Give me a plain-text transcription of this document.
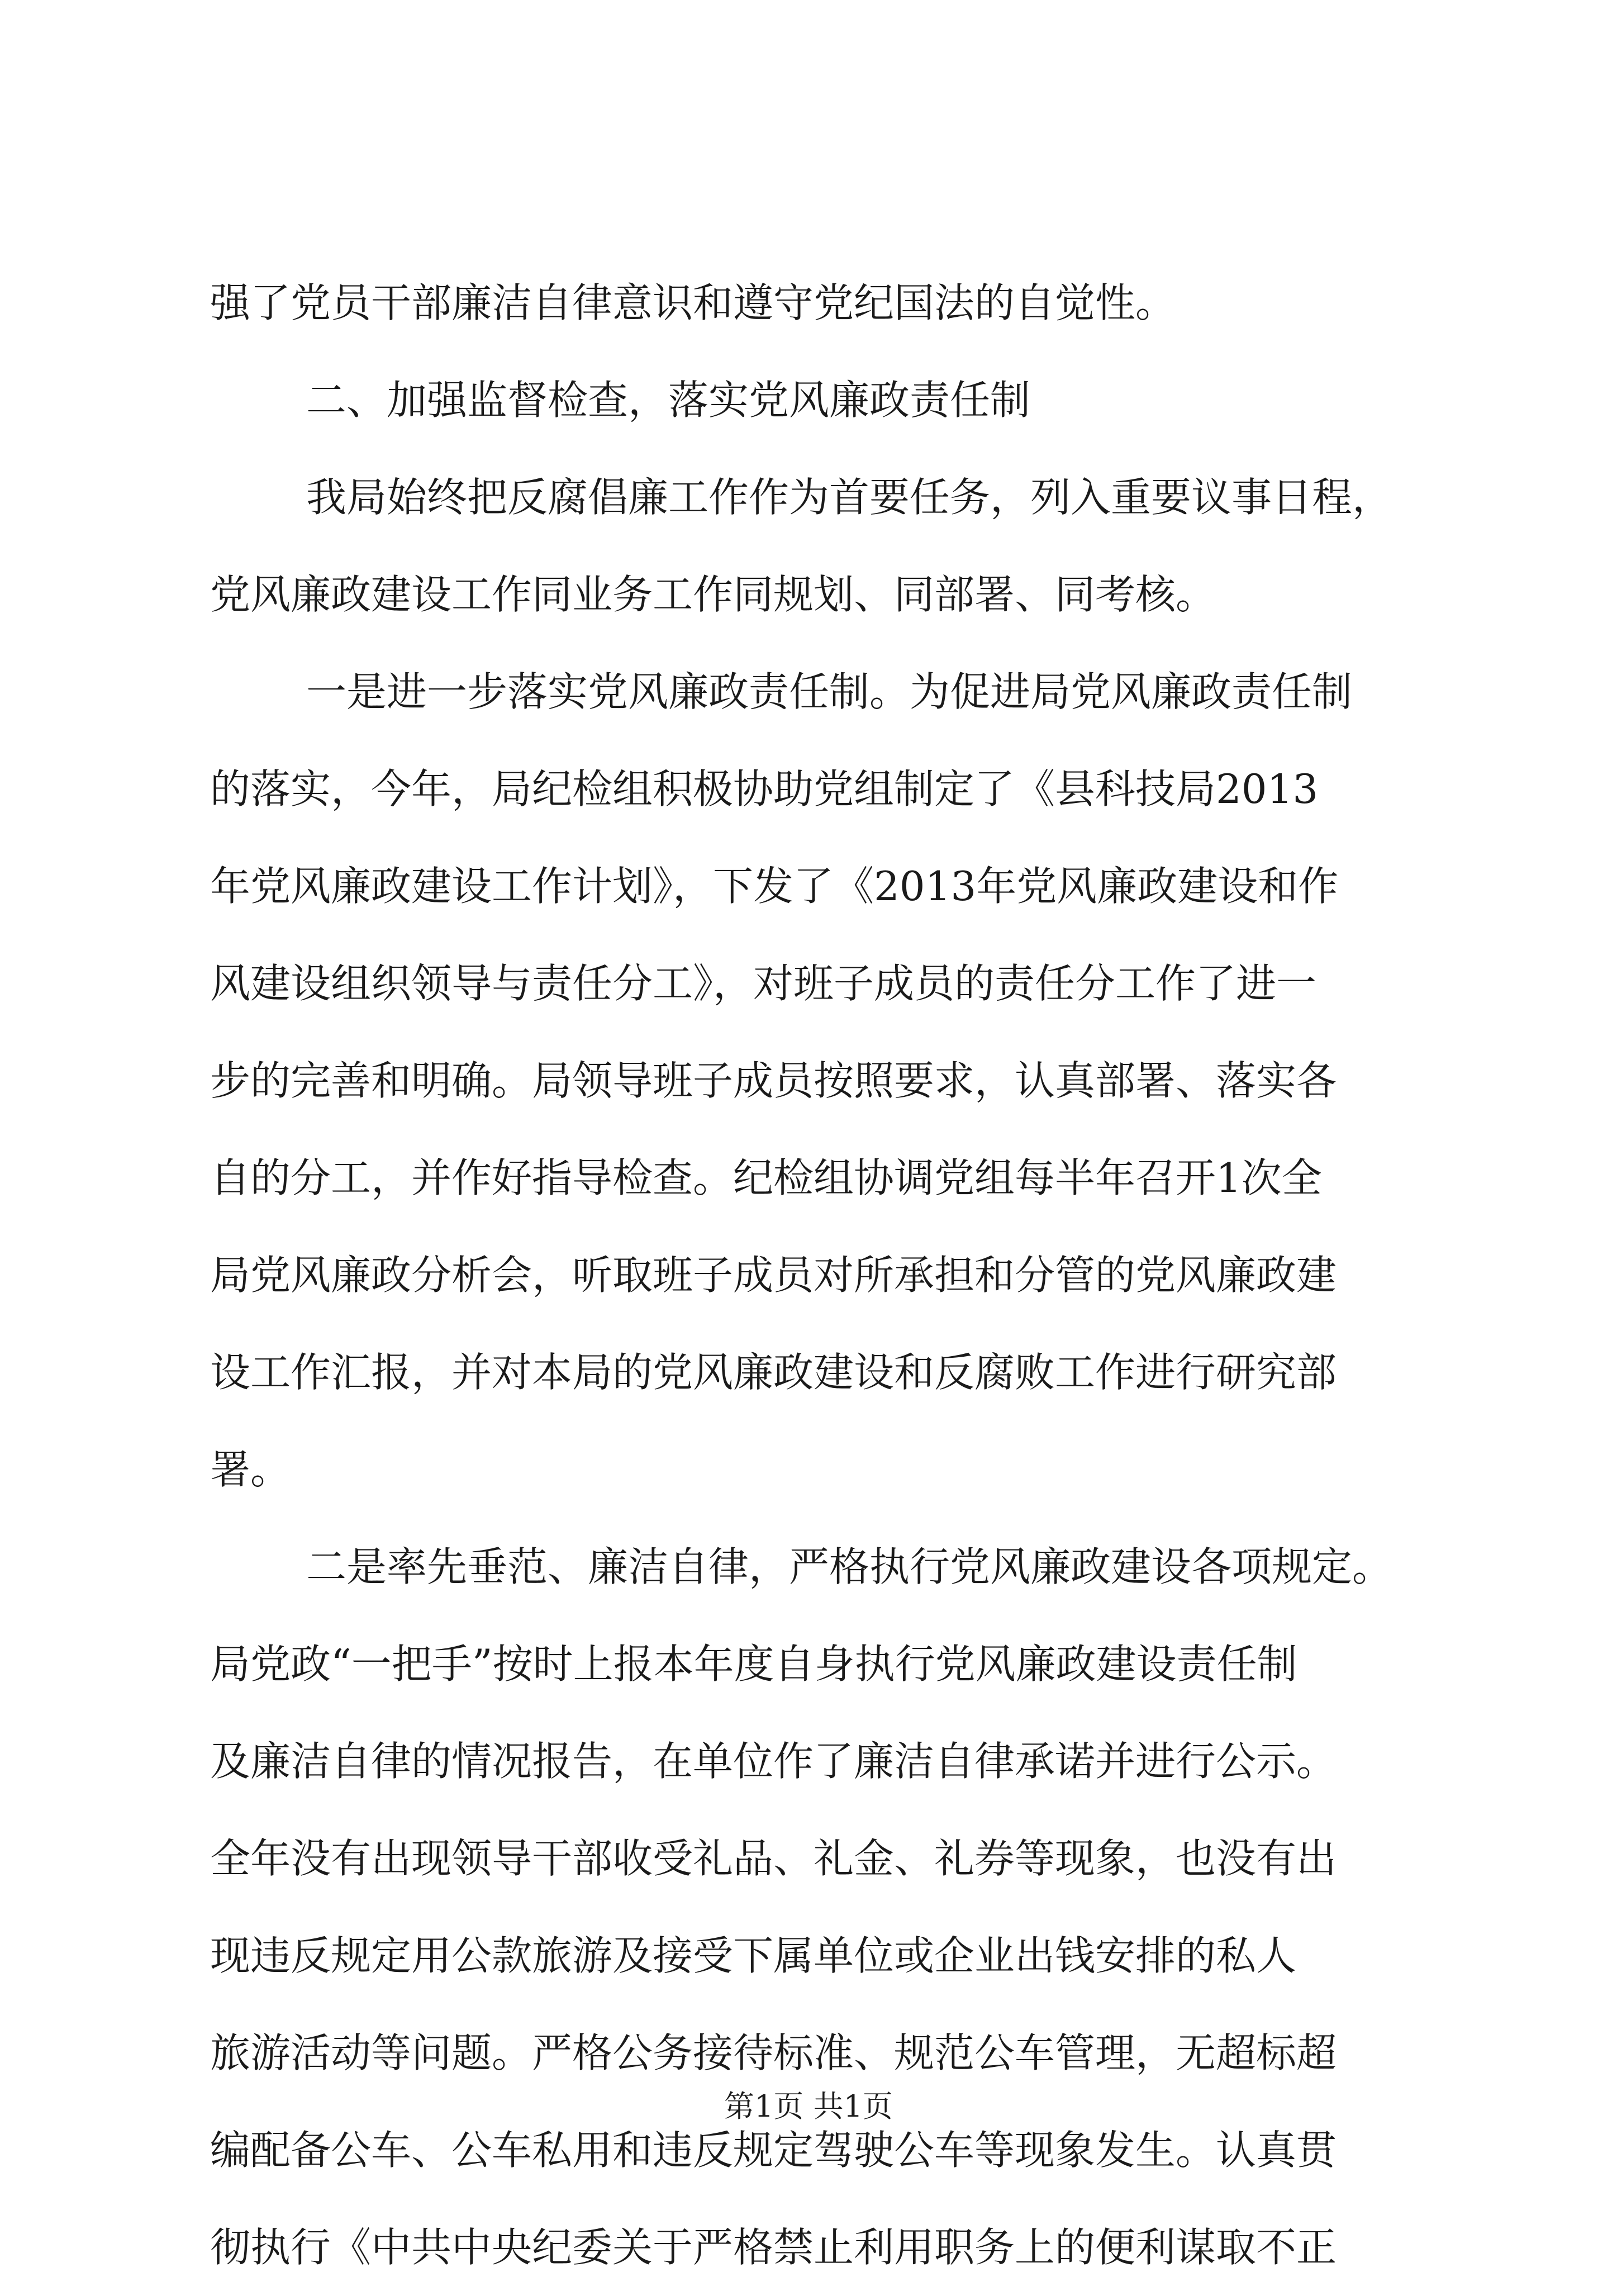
强了党员干部廉洁自律意识和遵守党纪国法的自觉性。
二、加强监督检查，落实党风廉政责任制
我局始终把反腐倡廉工作作为首要任务，列入重要议事日程，
党风廉政建设工作同业务工作同规划、同部署、同考核。
一是进一步落实党风廉政责任制。为促进局党风廉政责任制
的落实，今年，局纪检组积极协助党组制定了《县科技局2013
年党风廉政建设工作计划》，下发了《2013年党风廉政建设和作
风建设组织领导与责任分工》，对班子成员的责任分工作了进一
步的完善和明确。局领导班子成员按照要求，认真部署、落实各
自的分工，并作好指导检查。纪检组协调党组每半年召开1次全
局党风廉政分析会，听取班子成员对所承担和分管的党风廉政建
设工作汇报，并对本局的党风廉政建设和反腐败工作进行研究部
署。
二是率先垂范、廉洁自律，严格执行党风廉政建设各项规定。
局党政“一把手”按时上报本年度自身执行党风廉政建设责任制
及廉洁自律的情况报告，在单位作了廉洁自律承诺并进行公示。
全年没有出现领导干部收受礼品、礼金、礼券等现象，也没有出
现违反规定用公款旅游及接受下属单位或企业出钱安排的私人
旅游活动等问题。严格公务接待标准、规范公车管理，无超标超
编配备公车、公车私用和违反规定驾驶公车等现象发生。认真贯
彻执行《中共中央纪委关于严格禁止利用职务上的便利谋取不正
第1页 共1页
